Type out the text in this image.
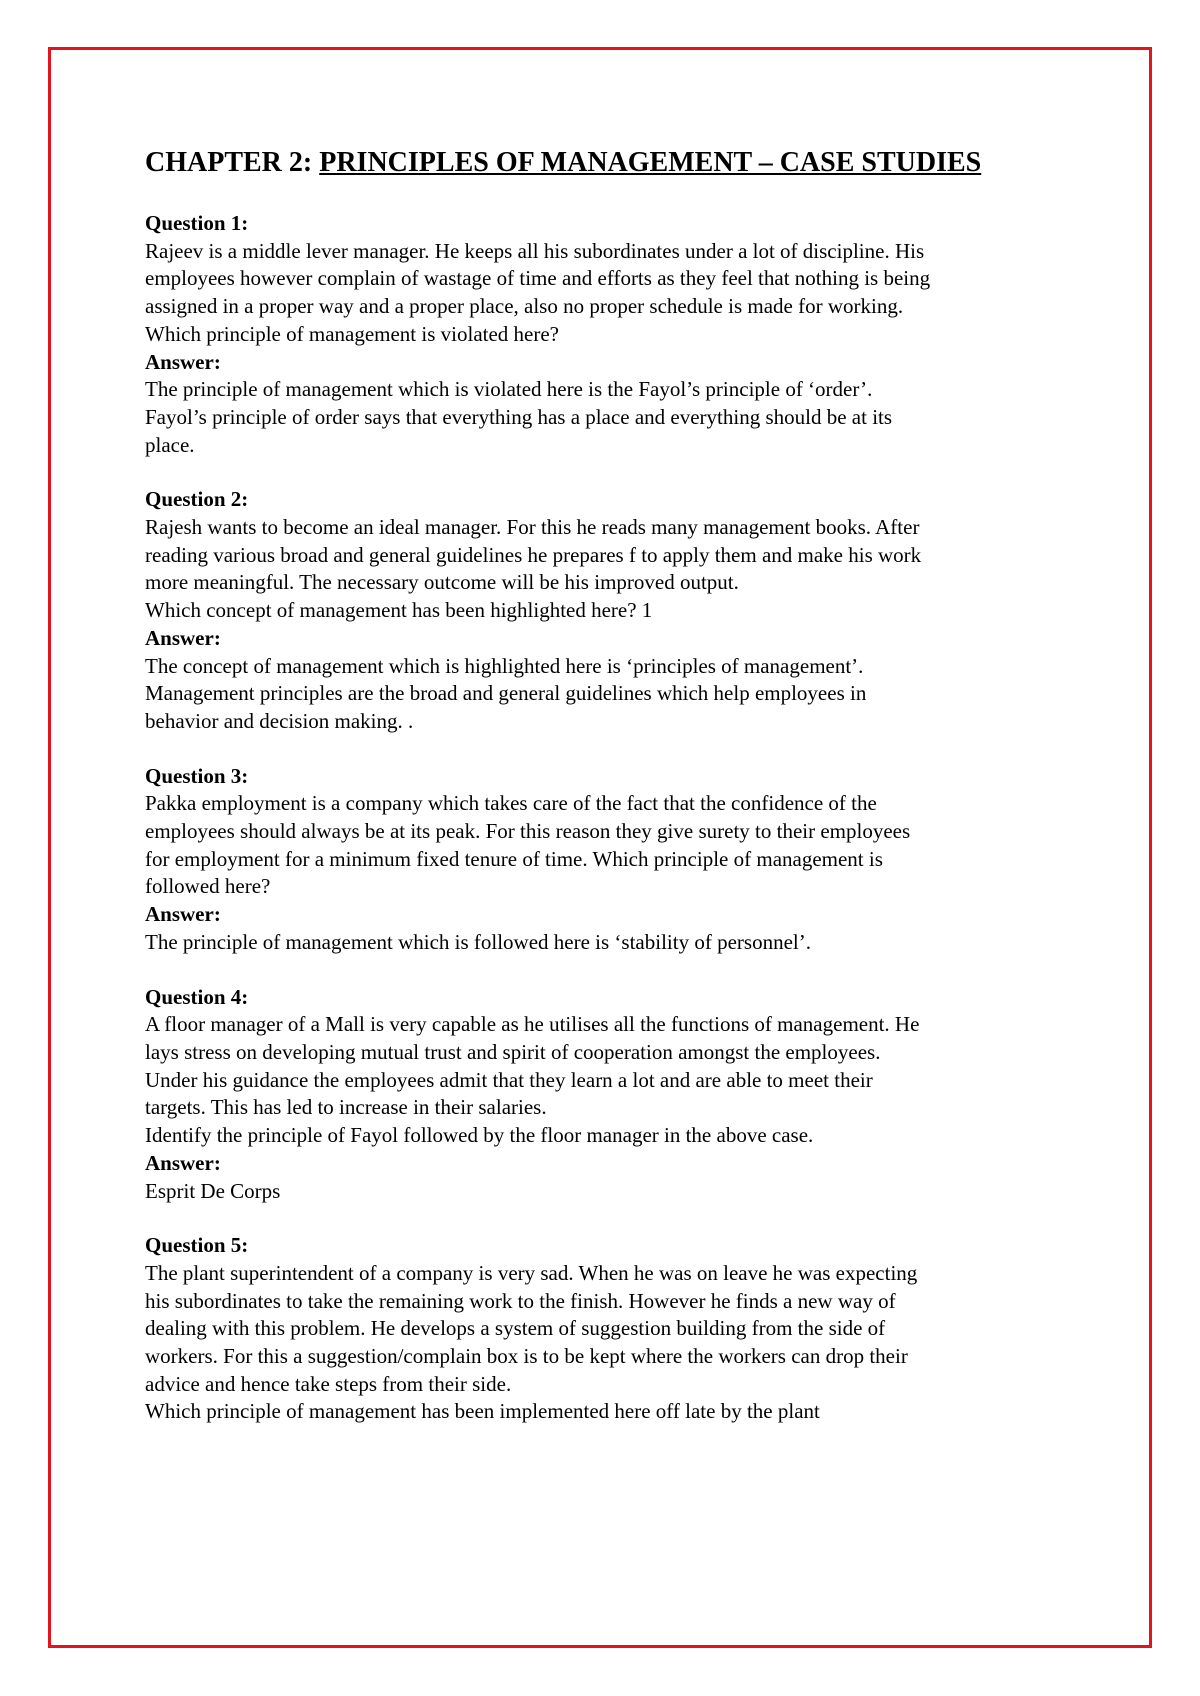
CHAPTER 2: PRINCIPLES OF MANAGEMENT – CASE STUDIES
Question 1:
Rajeev is a middle lever manager. He keeps all his subordinates under a lot of discipline. His
employees however complain of wastage of time and efforts as they feel that nothing is being
assigned in a proper way and a proper place, also no proper schedule is made for working.
Which principle of management is violated here?
Answer:
The principle of management which is violated here is the Fayol’s principle of ‘order’.
Fayol’s principle of order says that everything has a place and everything should be at its
place.
Question 2:
Rajesh wants to become an ideal manager. For this he reads many management books. After
reading various broad and general guidelines he prepares f to apply them and make his work
more meaningful. The necessary outcome will be his improved output.
Which concept of management has been highlighted here? 1
Answer:
The concept of management which is highlighted here is ‘principles of management’.
Management principles are the broad and general guidelines which help employees in
behavior and decision making. .
Question 3:
Pakka employment is a company which takes care of the fact that the confidence of the
employees should always be at its peak. For this reason they give surety to their employees
for employment for a minimum fixed tenure of time. Which principle of management is
followed here?
Answer:
The principle of management which is followed here is ‘stability of personnel’.
Question 4:
A floor manager of a Mall is very capable as he utilises all the functions of management. He
lays stress on developing mutual trust and spirit of cooperation amongst the employees.
Under his guidance the employees admit that they learn a lot and are able to meet their
targets. This has led to increase in their salaries.
Identify the principle of Fayol followed by the floor manager in the above case.
Answer:
Esprit De Corps
Question 5:
The plant superintendent of a company is very sad. When he was on leave he was expecting
his subordinates to take the remaining work to the finish. However he finds a new way of
dealing with this problem. He develops a system of suggestion building from the side of
workers. For this a suggestion/complain box is to be kept where the workers can drop their
advice and hence take steps from their side.
Which principle of management has been implemented here off late by the plant
